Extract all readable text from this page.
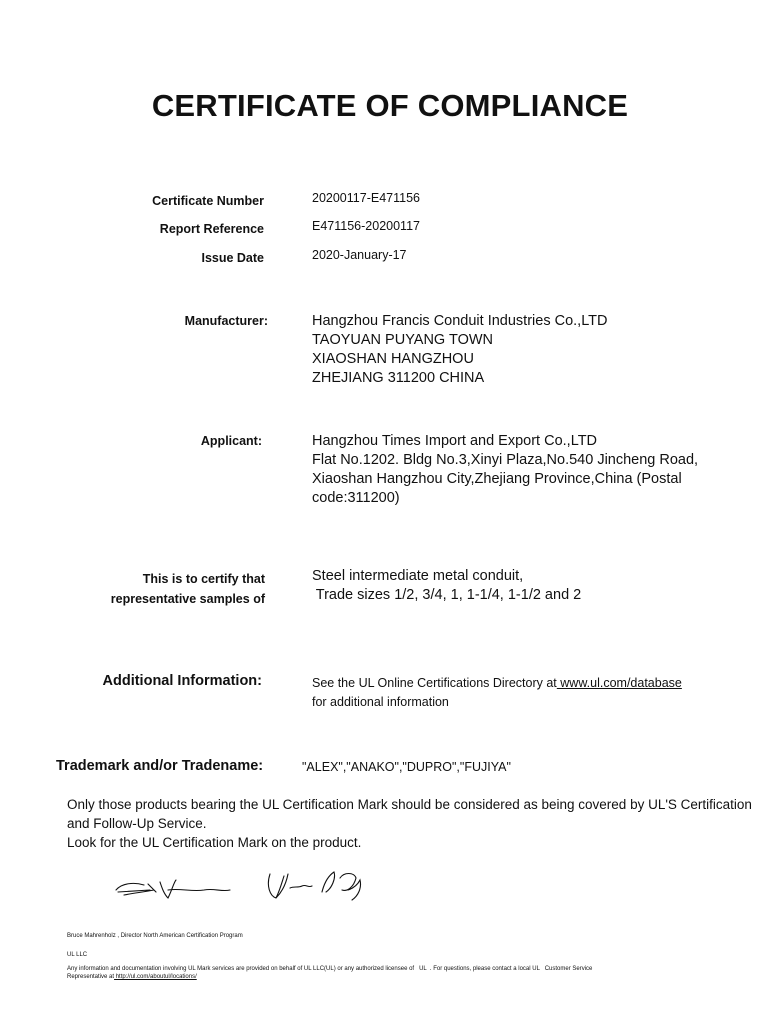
CERTIFICATE OF COMPLIANCE
Certificate Number	20200117-E471156
Report Reference	E471156-20200117
Issue Date	2020-January-17
Manufacturer:	Hangzhou Francis Conduit Industries Co.,LTD
TAOYUAN PUYANG TOWN
XIAOSHAN HANGZHOU
ZHEJIANG 311200 CHINA
Applicant:	Hangzhou Times Import and Export Co.,LTD
Flat No.1202. Bldg No.3,Xinyi Plaza,No.540 Jincheng Road,
Xiaoshan Hangzhou City,Zhejiang Province,China (Postal
code:311200)
This is to certify that
representative samples of
Steel intermediate metal conduit,
Trade sizes 1/2, 3/4, 1, 1-1/4, 1-1/2 and 2
Additional Information:	See the UL Online Certifications Directory at www.ul.com/database
for additional information
Trademark and/or Tradename:	"ALEX","ANAKO","DUPRO","FUJIYA"
Only those products bearing the UL Certification Mark should be considered as being covered by UL'S Certification
and Follow-Up Service.
Look for the UL Certification Mark on the product.
Bruce Mahrenholz , Director North American Certification Program
UL LLC
Any information and documentation involving UL Mark services are provided on behalf of UL LLC(UL) or any authorized licensee of   UL  . For questions, please contact a local UL   Customer Service
Representative at http://ul.com/aboutul/locations/
